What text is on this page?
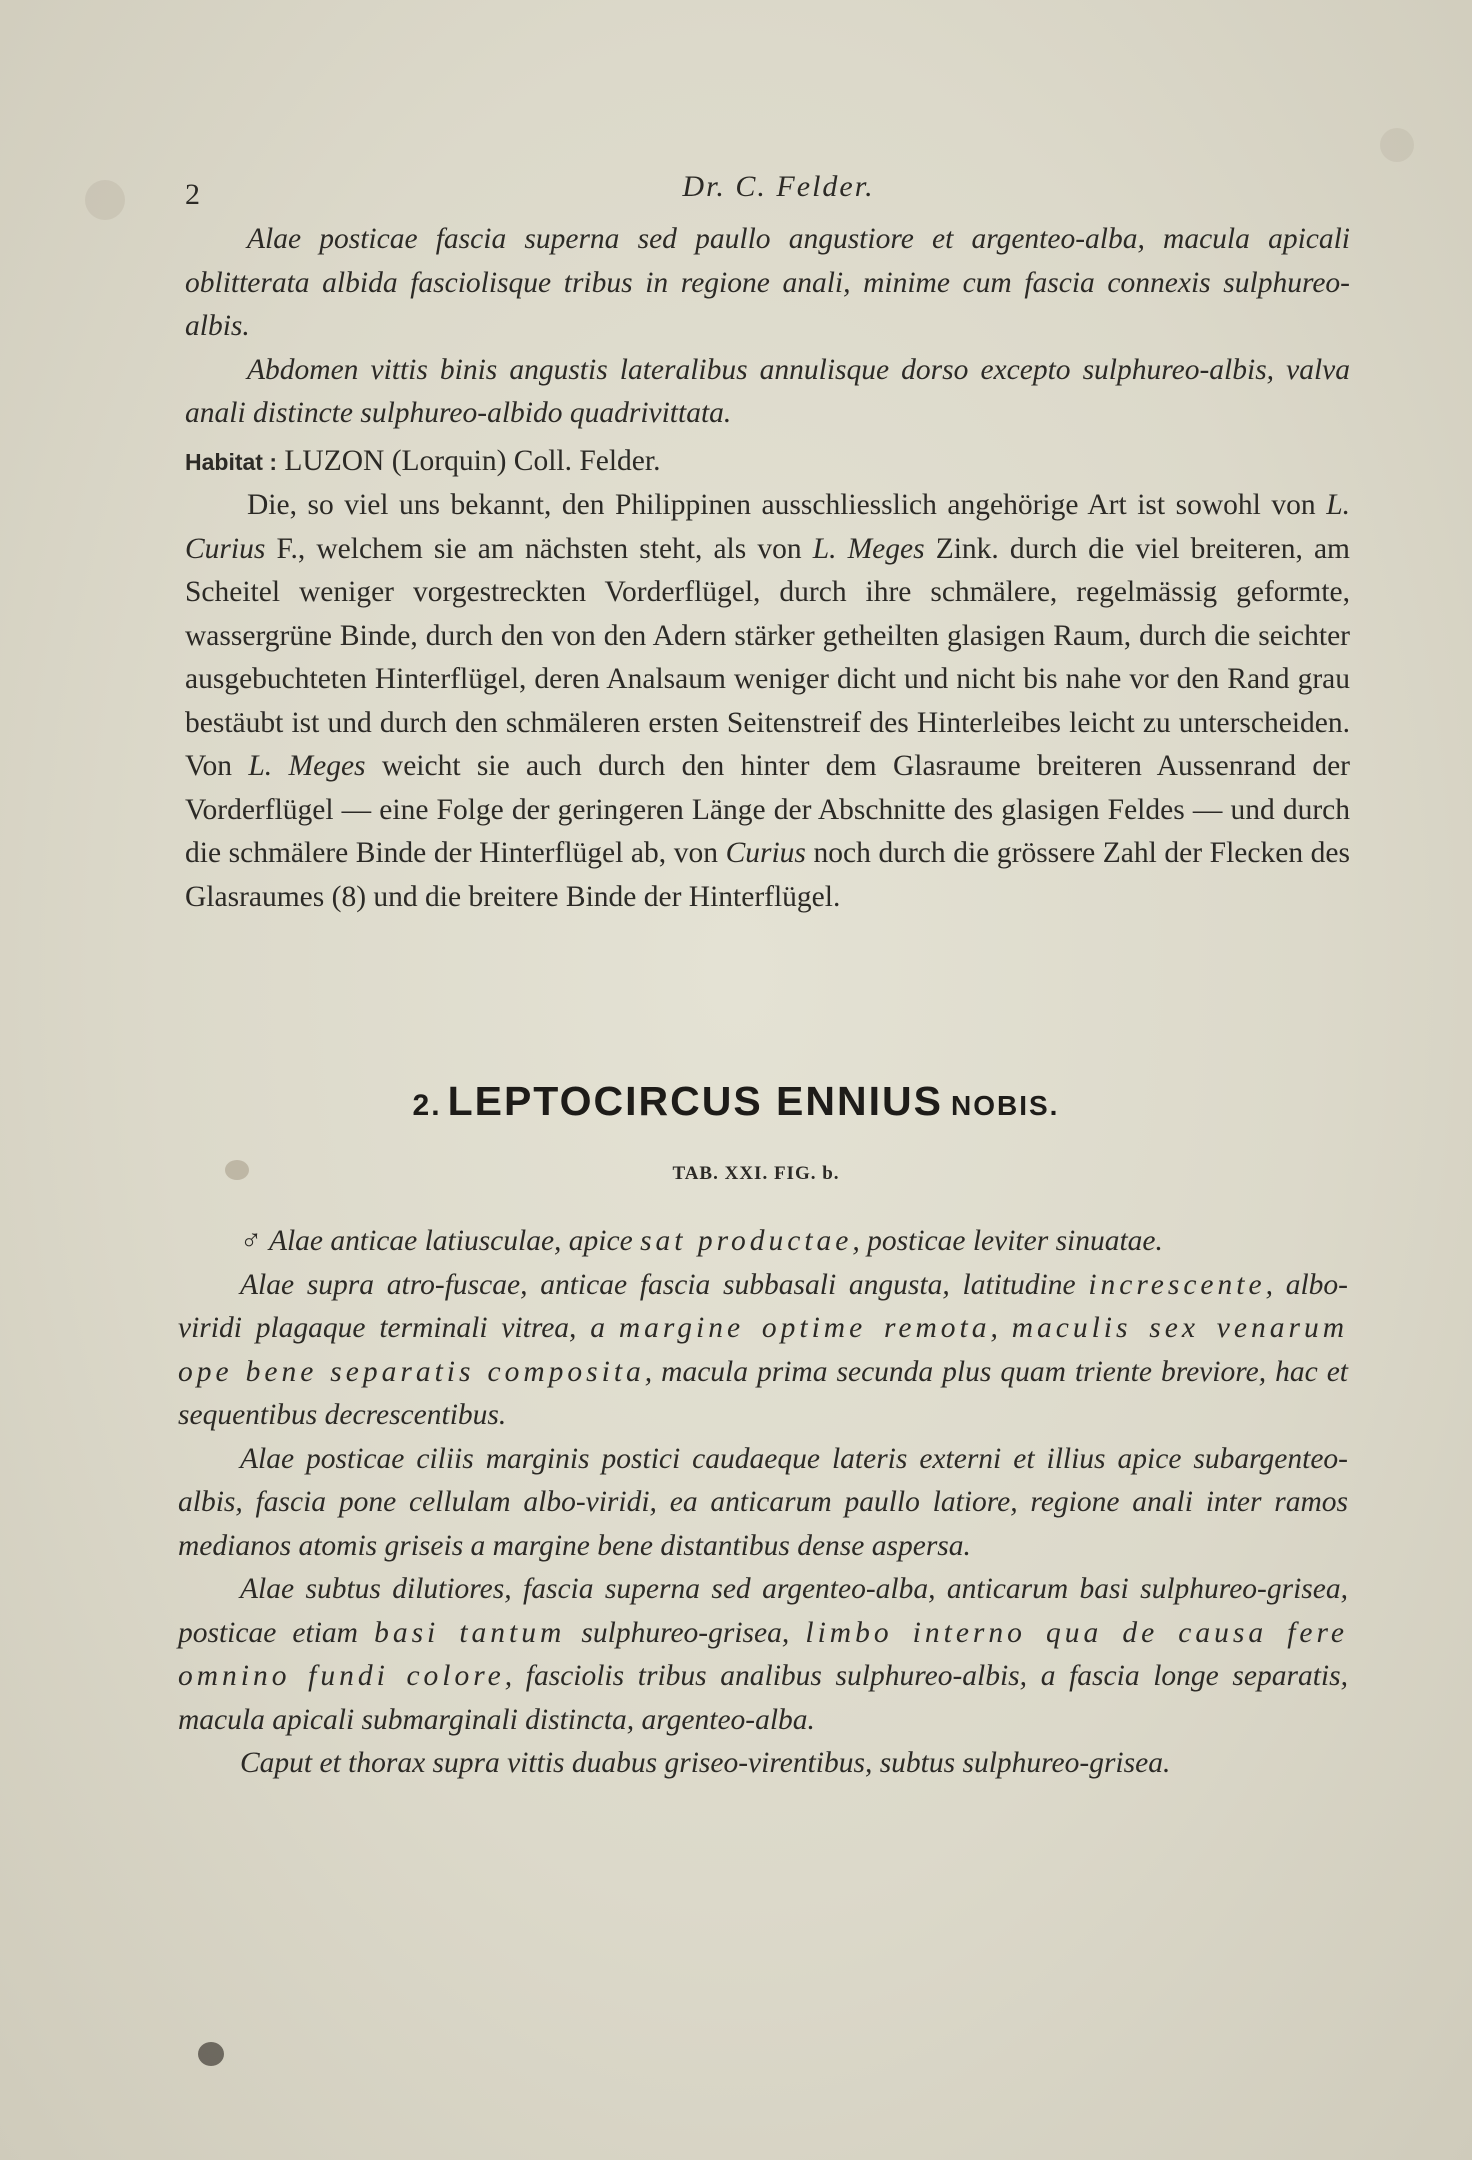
2	Dr. C. Felder.

Alae posticae fascia superna sed paullo angustiore et argenteo-alba, macula apicali oblitterata albida fasciolisque tribus in regione anali, minime cum fascia connexis sulphureo-albis.

Abdomen vittis binis angustis lateralibus annulisque dorso excepto sulphureo-albis, valva anali distincte sulphureo-albido quadrivittata.

Habitat : LUZON (Lorquin) Coll. Felder.

Die, so viel uns bekannt, den Philippinen ausschliesslich angehörige Art ist sowohl von L. Curius F., welchem sie am nächsten steht, als von L. Meges Zink. durch die viel breiteren, am Scheitel weniger vorgestreckten Vorderflügel, durch ihre schmälere, regelmässig geformte, wassergrüne Binde, durch den von den Adern stärker getheilten glasigen Raum, durch die seichter ausgebuchteten Hinterflügel, deren Analsaum weniger dicht und nicht bis nahe vor den Rand grau bestäubt ist und durch den schmäleren ersten Seitenstreif des Hinterleibes leicht zu unterscheiden. Von L. Meges weicht sie auch durch den hinter dem Glasraume breiteren Aussenrand der Vorderflügel — eine Folge der geringeren Länge der Abschnitte des glasigen Feldes — und durch die schmälere Binde der Hinterflügel ab, von Curius noch durch die grössere Zahl der Flecken des Glasraumes (8) und die breitere Binde der Hinterflügel.

2. LEPTOCIRCUS ENNIUS NOBIS.
TAB. XXI. FIG. b.

♂ Alae anticae latiusculae, apice sat productae, posticae leviter sinuatae.

Alae supra atro-fuscae, anticae fascia subbasali angusta, latitudine increscente, albo-viridi plagaque terminali vitrea, a margine optime remota, maculis sex venarum ope bene separatis composita, macula prima secunda plus quam triente breviore, hac et sequentibus decrescentibus.

Alae posticae ciliis marginis postici caudaeque lateris externi et illius apice subargenteo-albis, fascia pone cellulam albo-viridi, ea anticarum paullo latiore, regione anali inter ramos medianos atomis griseis a margine bene distantibus dense aspersa.

Alae subtus dilutiores, fascia superna sed argenteo-alba, anticarum basi sulphureo-grisea, posticae etiam basi tantum sulphureo-grisea, limbo interno qua de causa fere omnino fundi colore, fasciolis tribus analibus sulphureo-albis, a fascia longe separatis, macula apicali submarginali distincta, argenteo-alba.

Caput et thorax supra vittis duabus griseo-virentibus, subtus sulphureo-grisea.
